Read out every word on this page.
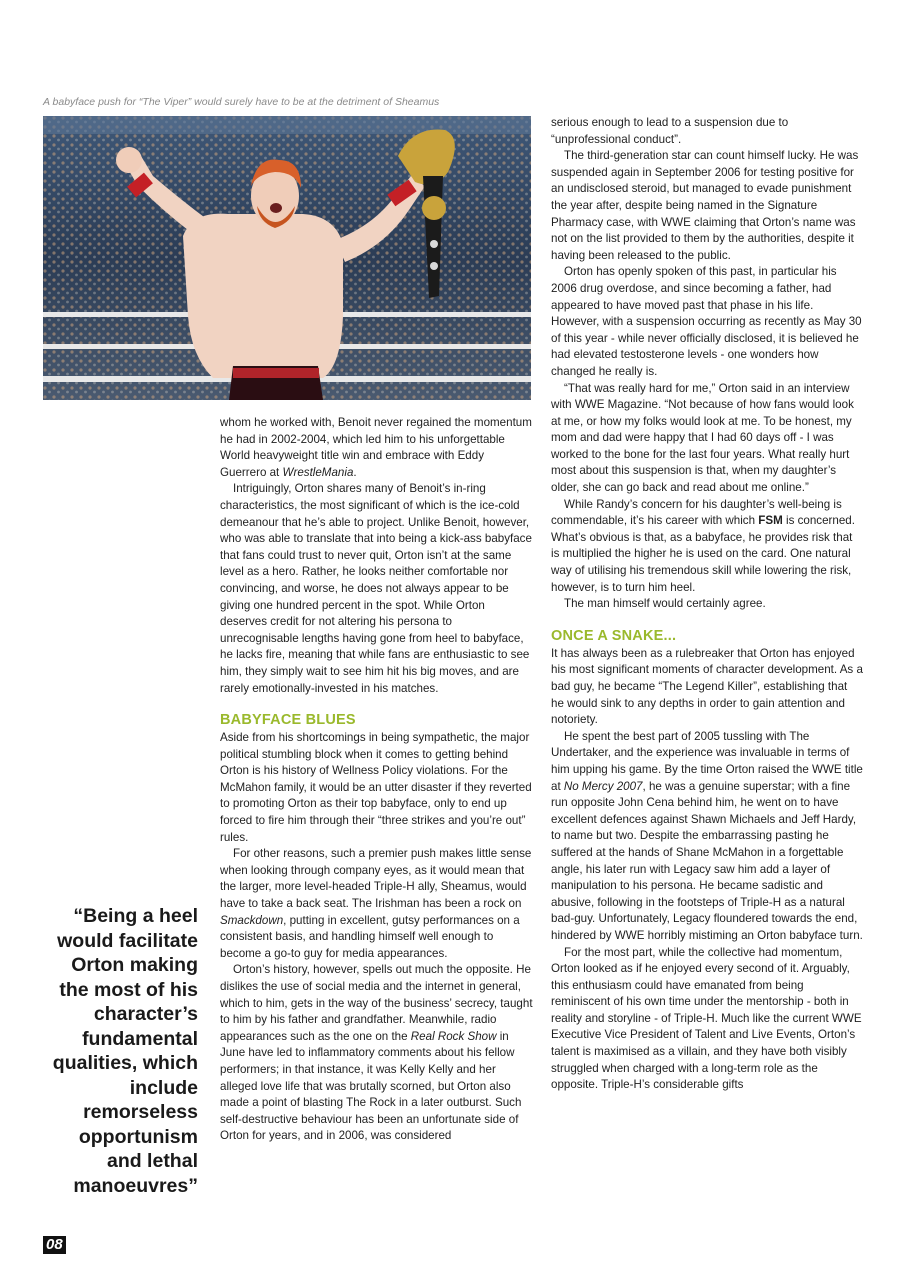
A babyface push for “The Viper” would surely have to be at the detriment of Sheamus

whom he worked with, Benoit never regained the momentum he had in 2002-2004, which led him to his unforgettable World heavyweight title win and embrace with Eddy Guerrero at WrestleMania.

Intriguingly, Orton shares many of Benoit’s in-ring characteristics, the most significant of which is the ice-cold demeanour that he’s able to project. Unlike Benoit, however, who was able to translate that into being a kick-ass babyface that fans could trust to never quit, Orton isn’t at the same level as a hero. Rather, he looks neither comfortable nor convincing, and worse, he does not always appear to be giving one hundred percent in the spot. While Orton deserves credit for not altering his persona to unrecognisable lengths having gone from heel to babyface, he lacks fire, meaning that while fans are enthusiastic to see him, they simply wait to see him hit his big moves, and are rarely emotionally-invested in his matches.

BABYFACE BLUES

Aside from his shortcomings in being sympathetic, the major political stumbling block when it comes to getting behind Orton is his history of Wellness Policy violations. For the McMahon family, it would be an utter disaster if they reverted to promoting Orton as their top babyface, only to end up forced to fire him through their “three strikes and you’re out” rules.

For other reasons, such a premier push makes little sense when looking through company eyes, as it would mean that the larger, more level-headed Triple-H ally, Sheamus, would have to take a back seat. The Irishman has been a rock on Smackdown, putting in excellent, gutsy performances on a consistent basis, and handling himself well enough to become a go-to guy for media appearances.

Orton’s history, however, spells out much the opposite. He dislikes the use of social media and the internet in general, which to him, gets in the way of the business’ secrecy, taught to him by his father and grandfather. Meanwhile, radio appearances such as the one on the Real Rock Show in June have led to inflammatory comments about his fellow performers; in that instance, it was Kelly Kelly and her alleged love life that was brutally scorned, but Orton also made a point of blasting The Rock in a later outburst. Such self-destructive behaviour has been an unfortunate side of Orton for years, and in 2006, was considered

serious enough to lead to a suspension due to “unprofessional conduct”.

The third-generation star can count himself lucky. He was suspended again in September 2006 for testing positive for an undisclosed steroid, but managed to evade punishment the year after, despite being named in the Signature Pharmacy case, with WWE claiming that Orton’s name was not on the list provided to them by the authorities, despite it having been released to the public.

Orton has openly spoken of this past, in particular his 2006 drug overdose, and since becoming a father, had appeared to have moved past that phase in his life. However, with a suspension occurring as recently as May 30 of this year - while never officially disclosed, it is believed he had elevated testosterone levels - one wonders how changed he really is.

“That was really hard for me,” Orton said in an interview with WWE Magazine. “Not because of how fans would look at me, or how my folks would look at me. To be honest, my mom and dad were happy that I had 60 days off - I was worked to the bone for the last four years. What really hurt most about this suspension is that, when my daughter’s older, she can go back and read about me online.”

While Randy’s concern for his daughter’s well-being is commendable, it’s his career with which FSM is concerned. What’s obvious is that, as a babyface, he provides risk that is multiplied the higher he is used on the card. One natural way of utilising his tremendous skill while lowering the risk, however, is to turn him heel.

The man himself would certainly agree.

ONCE A SNAKE...

It has always been as a rulebreaker that Orton has enjoyed his most significant moments of character development. As a bad guy, he became “The Legend Killer”, establishing that he would sink to any depths in order to gain attention and notoriety.

He spent the best part of 2005 tussling with The Undertaker, and the experience was invaluable in terms of him upping his game. By the time Orton raised the WWE title at No Mercy 2007, he was a genuine superstar; with a fine run opposite John Cena behind him, he went on to have excellent defences against Shawn Michaels and Jeff Hardy, to name but two. Despite the embarrassing pasting he suffered at the hands of Shane McMahon in a forgettable angle, his later run with Legacy saw him add a layer of manipulation to his persona. He became sadistic and abusive, following in the footsteps of Triple-H as a natural bad-guy. Unfortunately, Legacy floundered towards the end, hindered by WWE horribly mistiming an Orton babyface turn.

For the most part, while the collective had momentum, Orton looked as if he enjoyed every second of it. Arguably, this enthusiasm could have emanated from being reminiscent of his own time under the mentorship - both in reality and storyline - of Triple-H. Much like the current WWE Executive Vice President of Talent and Live Events, Orton’s talent is maximised as a villain, and they have both visibly struggled when charged with a long-term role as the opposite. Triple-H’s considerable gifts

“Being a heel would facilitate Orton making the most of his character’s fundamental qualities, which include remorseless opportunism and lethal manoeuvres”
08
